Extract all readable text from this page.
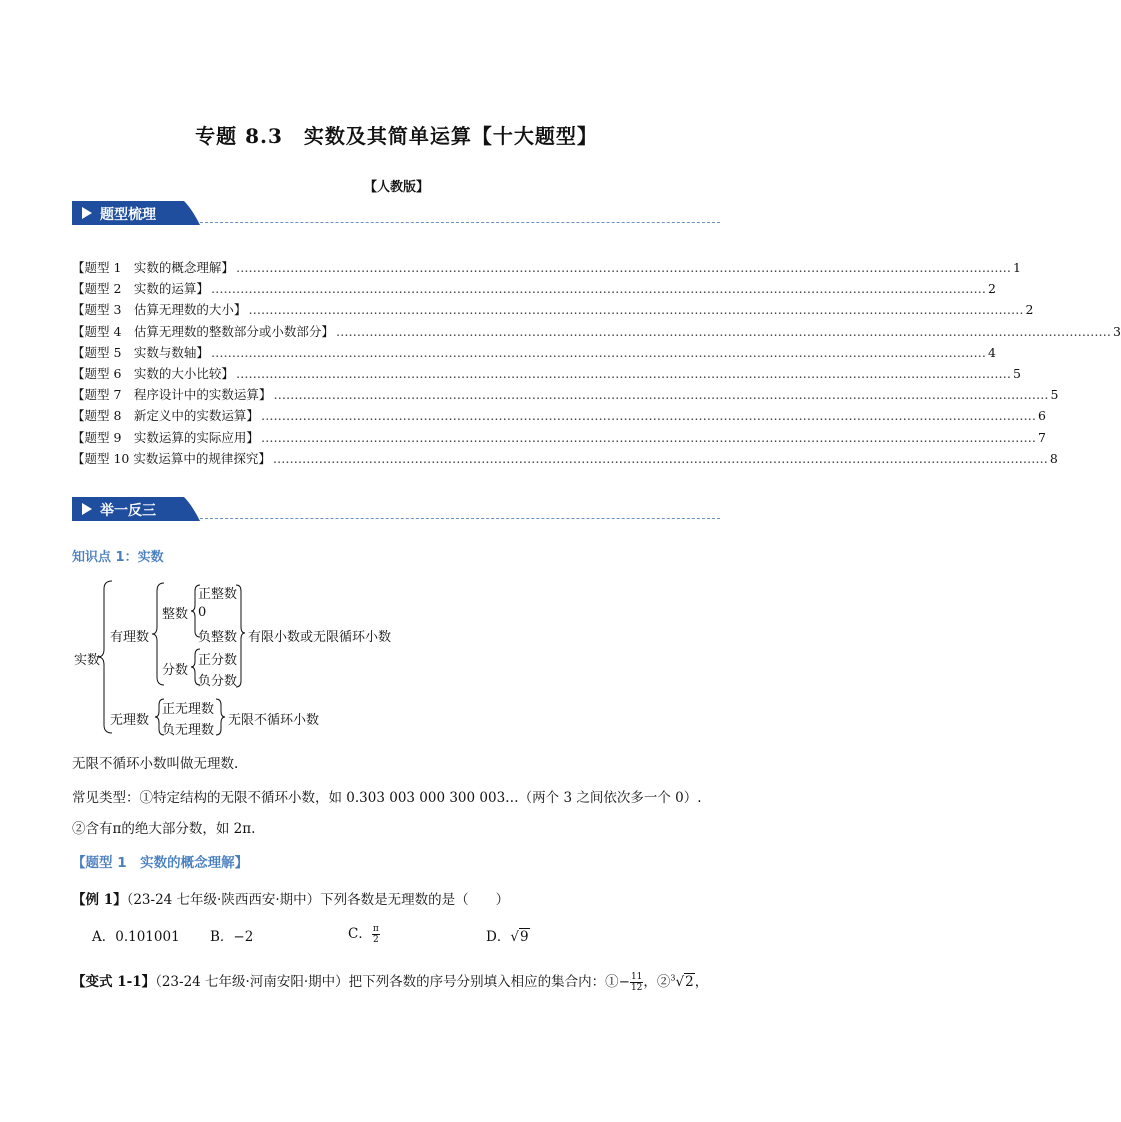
专题 8.3　实数及其简单运算【十大题型】
【人教版】
题型梳理
【题型 1　实数的概念理解】 …………………………………………………………………………………………………………………………………………………………………… 1
【题型 2　实数的运算】 …………………………………………………………………………………………………………………………………………………………………… 2
【题型 3　估算无理数的大小】 …………………………………………………………………………………………………………………………………………………………………… 2
【题型 4　估算无理数的整数部分或小数部分】 …………………………………………………………………………………………………………………………………………………………………… 3
【题型 5　实数与数轴】 …………………………………………………………………………………………………………………………………………………………………… 4
【题型 6　实数的大小比较】 …………………………………………………………………………………………………………………………………………………………………… 5
【题型 7　程序设计中的实数运算】 …………………………………………………………………………………………………………………………………………………………………… 5
【题型 8　新定义中的实数运算】 …………………………………………………………………………………………………………………………………………………………………… 6
【题型 9　实数运算的实际应用】 …………………………………………………………………………………………………………………………………………………………………… 7
【题型 10 实数运算中的规律探究】 …………………………………………………………………………………………………………………………………………………………………… 8
举一反三
知识点 1：实数
实数
有理数
整数
正整数
0
负整数 有限小数或无限循环小数
分数
正分数
负分数
无理数
正无理数
负无理数
无限不循环小数
无限不循环小数叫做无理数.
常见类型：①特定结构的无限不循环小数，如 0.303 003 000 300 003…（两个 3 之间依次多一个 0）.
②含有π的绝大部分数，如 2π.
【题型 1　实数的概念理解】
【例 1】（23-24 七年级·陕西西安·期中）下列各数是无理数的是（　　）
A．0.101001 B．−2	C． $\frac{\pi}{2}$	D．√9
【变式 1-1】（23-24 七年级·河南安阳·期中）把下列各数的序号分别填入相应的集合内：①− $\frac{11}{12}$ ，②$^3$√2，
